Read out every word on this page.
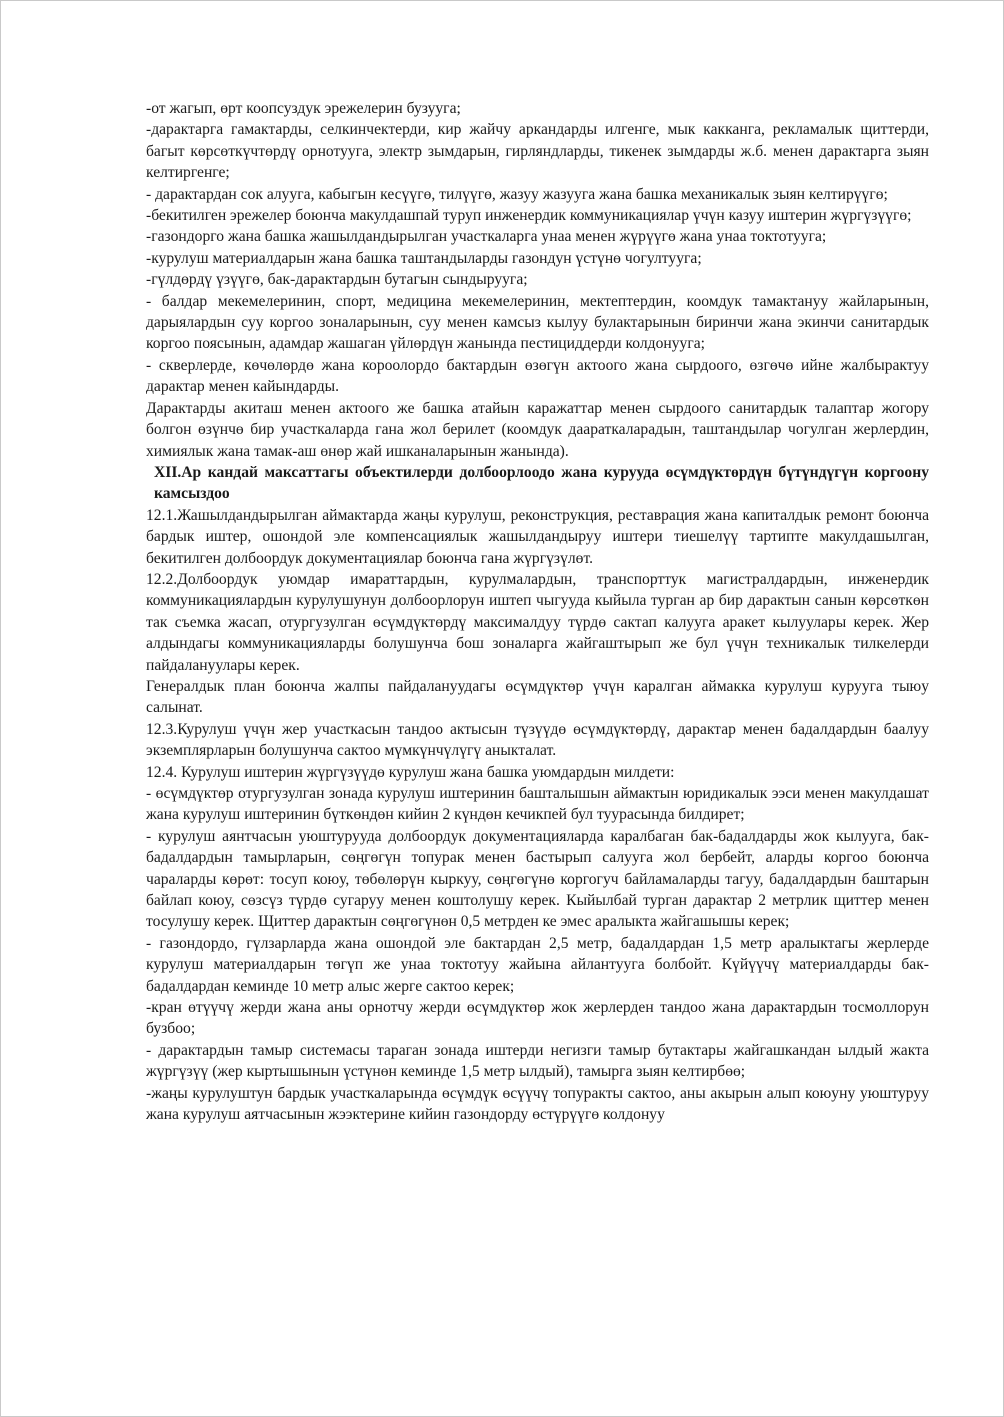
-от жагып, өрт коопсуздук эрежелерин бузууга;

-дарактарга гамактарды, селкинчектерди, кир жайчу аркандарды илгенге, мык какканга, рекламалык щиттерди, багыт көрсөткүчтөрдү орнотууга, электр зымдарын, гирляндларды, тикенек зымдарды ж.б. менен дарактарга зыян келтиргенге;

- дарактардан сок алууга, кабыгын кесүүгө, тилүүгө, жазуу жазууга жана башка механикалык зыян келтирүүгө;

-бекитилген эрежелер боюнча макулдашпай туруп инженердик коммуникациялар үчүн казуу иштерин жүргүзүүгө;

-газондорго жана башка жашылдандырылган участкаларга унаа менен жүрүүгө жана унаа токтотууга;

-курулуш материалдарын жана башка таштандыларды газондун үстүнө чогултууга;

-гүлдөрдү үзүүгө, бак-дарактардын бутагын сындырууга;

- балдар мекемелеринин, спорт, медицина мекемелеринин, мектептердин, коомдук тамактануу жайларынын, дарыялардын суу коргоо зоналарынын, суу менен камсыз кылуу булактарынын биринчи жана экинчи санитардык коргоо поясынын, адамдар жашаган үйлөрдүн жанында пестициддерди колдонууга;

- скверлерде, көчөлөрдө жана короолордо бактардын өзөгүн актоого жана сырдоого, өзгөчө ийне жалбырактуу дарактар менен кайындарды.

Дарактарды акиташ менен актоого же башка атайын каражаттар менен сырдоого санитардык талаптар жогору болгон өзүнчө бир участкаларда гана жол берилет (коомдук даараткаларадын, таштандылар чогулган жерлердин, химиялык жана тамак-аш өнөр жай ишканаларынын жанында).

XII.Ар кандай максаттагы объектилерди долбоорлоодо жана курууда өсүмдүктөрдүн бүтүндүгүн коргоону камсыздоо

12.1.Жашылдандырылган аймактарда жаңы курулуш, реконструкция, реставрация жана капиталдык ремонт боюнча бардык иштер, ошондой эле компенсациялык жашылдандыруу иштери тиешелүү тартипте макулдашылган, бекитилген долбоордук документациялар боюнча гана жүргүзүлөт.

12.2.Долбоордук уюмдар имараттардын, курулмалардын, транспорттук магистралдардын, инженердик коммуникациялардын курулушунун долбоорлорун иштеп чыгууда кыйыла турган ар бир дарактын санын көрсөткөн так съемка жасап, отургузулган өсүмдүктөрдү максималдуу түрдө сактап калууга аракет кылуулары керек. Жер алдындагы коммуникацияларды болушунча бош зоналарга жайгаштырып же бул үчүн техникалык тилкелерди пайдалануулары керек.

Генералдык план боюнча жалпы пайдалануудагы өсүмдүктөр үчүн каралган аймакка курулуш курууга тыюу салынат.

12.3.Курулуш үчүн жер участкасын тандоо актысын түзүүдө өсүмдүктөрдү, дарактар менен бадалдардын баалуу экземплярларын болушунча сактоо мүмкүнчүлүгү аныкталат.

12.4. Курулуш иштерин жүргүзүүдө курулуш жана башка уюмдардын милдети:

- өсүмдүктөр отургузулган зонада курулуш иштеринин башталышын аймактын юридикалык ээси менен макулдашат жана курулуш иштеринин бүткөндөн кийин 2 күндөн кечикпей бул туурасында билдирет;

- курулуш аянтчасын уюштурууда долбоордук документацияларда каралбаган бак-бадалдарды жок кылууга, бак-бадалдардын тамырларын, сөңгөгүн топурак менен бастырып салууга жол бербейт, аларды коргоо боюнча чараларды көрөт: тосуп коюу, төбөлөрүн кыркуу, сөңгөгүнө коргогуч байламаларды тагуу, бадалдардын баштарын байлап коюу, сөзсүз түрдө сугаруу менен коштолушу керек. Кыйылбай турган дарактар 2 метрлик щиттер менен тосулушу керек. Щиттер дарактын сөңгөгүнөн 0,5 метрден ке эмес аралыкта жайгашышы керек;

- газондордо, гүлзарларда жана ошондой эле бактардан 2,5 метр, бадалдардан 1,5 метр аралыктагы жерлерде курулуш материалдарын төгүп же унаа токтотуу жайына айлантууга болбойт. Күйүүчү материалдарды бак-бадалдардан кеминде 10 метр алыс жерге сактоо керек;

-кран өтүүчү жерди жана аны орнотчу жерди өсүмдүктөр жок жерлерден тандоо жана дарактардын тосмоллорун бузбоо;

- дарактардын тамыр системасы тараган зонада иштерди негизги тамыр бутактары жайгашкандан ылдый жакта жүргүзүү (жер кыртышынын үстүнөн кеминде 1,5 метр ылдый), тамырга зыян келтирбөө;

-жаңы курулуштун бардык участкаларында өсүмдүк өсүүчү топуракты сактоо, аны акырын алып коюуну уюштуруу жана курулуш аятчасынын жээктерине кийин газондорду өстүрүүгө колдонуу
